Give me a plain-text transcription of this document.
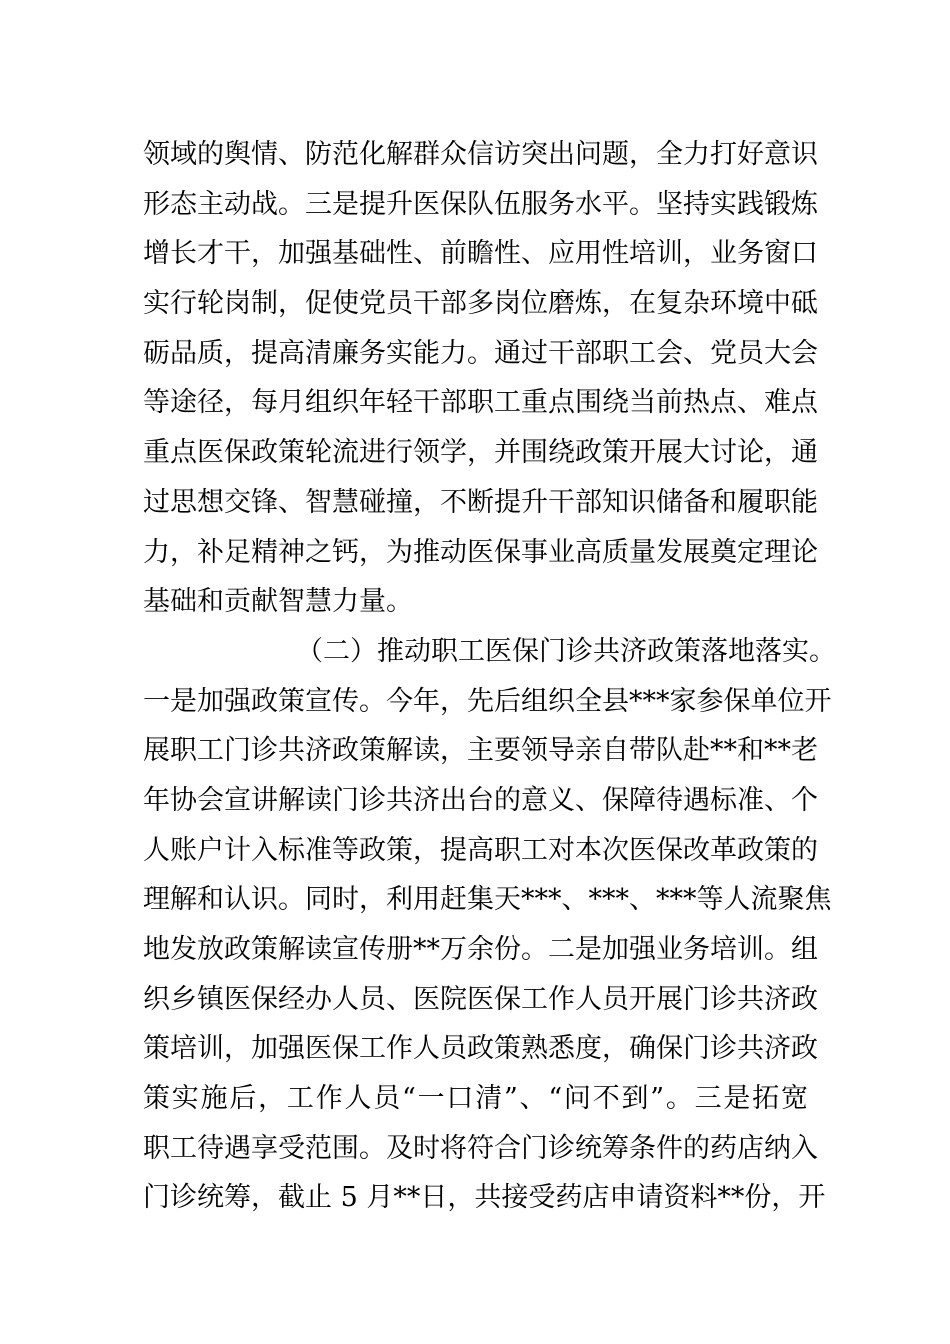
领域的舆情、防范化解群众信访突出问题，全力打好意识
形态主动战。三是提升医保队伍服务水平。坚持实践锻炼
增长才干，加强基础性、前瞻性、应用性培训，业务窗口
实行轮岗制，促使党员干部多岗位磨炼，在复杂环境中砥
砺品质，提高清廉务实能力。通过干部职工会、党员大会
等途径，每月组织年轻干部职工重点围绕当前热点、难点
重点医保政策轮流进行领学，并围绕政策开展大讨论，通
过思想交锋、智慧碰撞，不断提升干部知识储备和履职能
力，补足精神之钙，为推动医保事业高质量发展奠定理论
基础和贡献智慧力量。
（二）推动职工医保门诊共济政策落地落实。
一是加强政策宣传。今年，先后组织全县***家参保单位开
展职工门诊共济政策解读，主要领导亲自带队赴**和**老
年协会宣讲解读门诊共济出台的意义、保障待遇标准、个
人账户计入标准等政策，提高职工对本次医保改革政策的
理解和认识。同时，利用赶集天***、***、***等人流聚焦
地发放政策解读宣传册**万余份。二是加强业务培训。组
织乡镇医保经办人员、医院医保工作人员开展门诊共济政
策培训，加强医保工作人员政策熟悉度，确保门诊共济政
策实施后，工作人员“一口清”、“问不到”。三是拓宽
职工待遇享受范围。及时将符合门诊统筹条件的药店纳入
门诊统筹，截止 5 月**日，共接受药店申请资料**份，开
